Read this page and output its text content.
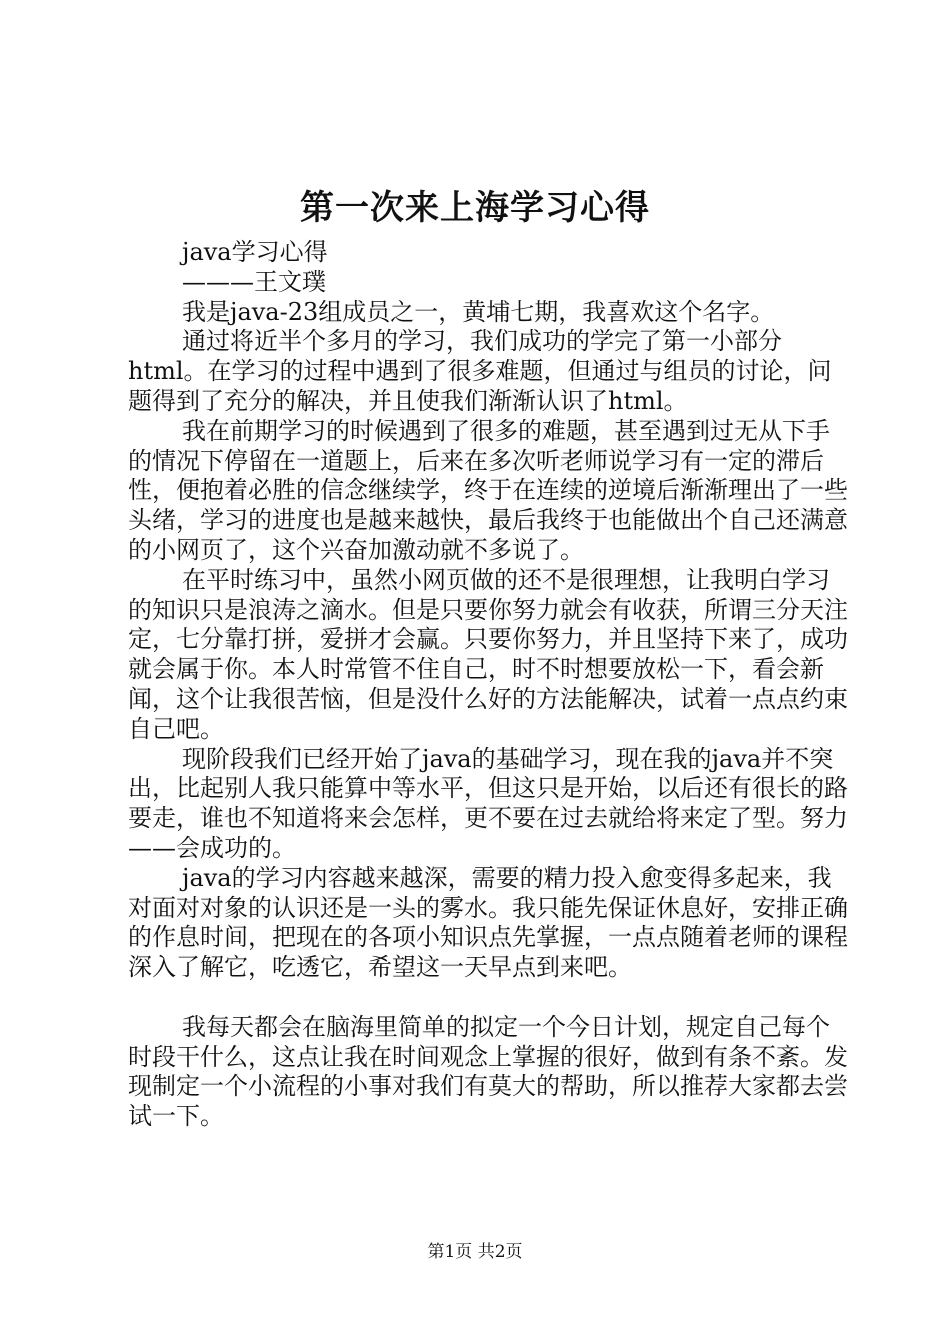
第一次来上海学习心得

java学习心得

———王文璞

我是java-23组成员之一，黄埔七期，我喜欢这个名字。

通过将近半个多月的学习，我们成功的学完了第一小部分html。在学习的过程中遇到了很多难题，但通过与组员的讨论，问题得到了充分的解决，并且使我们渐渐认识了html。

我在前期学习的时候遇到了很多的难题，甚至遇到过无从下手的情况下停留在一道题上，后来在多次听老师说学习有一定的滞后性，便抱着必胜的信念继续学，终于在连续的逆境后渐渐理出了一些头绪，学习的进度也是越来越快，最后我终于也能做出个自己还满意的小网页了，这个兴奋加激动就不多说了。

在平时练习中，虽然小网页做的还不是很理想，让我明白学习的知识只是浪涛之滴水。但是只要你努力就会有收获，所谓三分天注定，七分靠打拼，爱拼才会赢。只要你努力，并且坚持下来了，成功就会属于你。本人时常管不住自己，时不时想要放松一下，看会新闻，这个让我很苦恼，但是没什么好的方法能解决，试着一点点约束自己吧。

现阶段我们已经开始了java的基础学习，现在我的java并不突出，比起别人我只能算中等水平，但这只是开始，以后还有很长的路要走，谁也不知道将来会怎样，更不要在过去就给将来定了型。努力——会成功的。

java的学习内容越来越深，需要的精力投入愈变得多起来，我对面对对象的认识还是一头的雾水。我只能先保证休息好，安排正确的作息时间，把现在的各项小知识点先掌握，一点点随着老师的课程深入了解它，吃透它，希望这一天早点到来吧。

我每天都会在脑海里简单的拟定一个今日计划，规定自己每个时段干什么，这点让我在时间观念上掌握的很好，做到有条不紊。发现制定一个小流程的小事对我们有莫大的帮助，所以推荐大家都去尝试一下。

第1页 共2页
